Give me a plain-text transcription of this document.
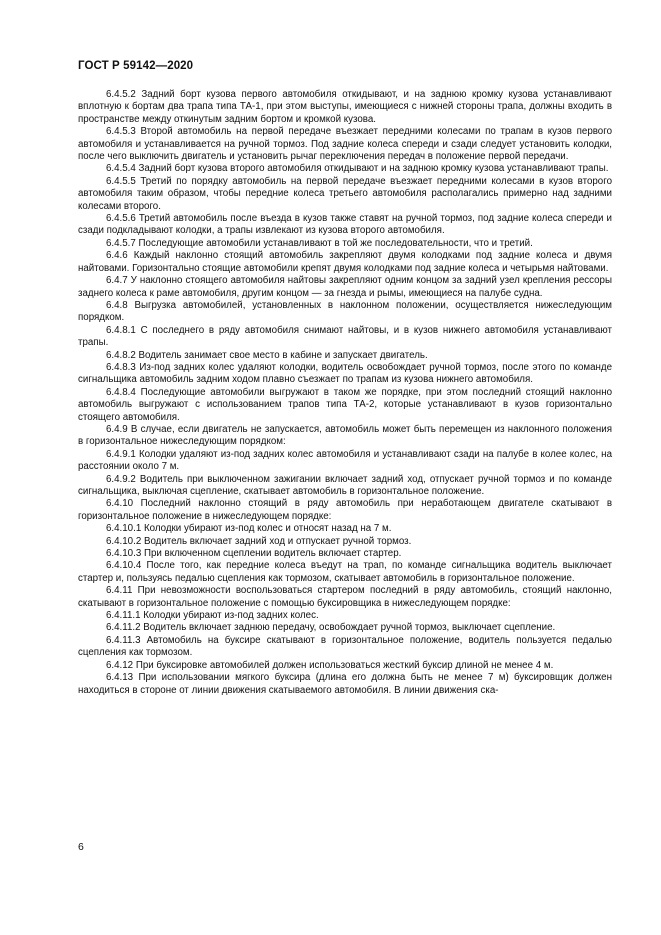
ГОСТ Р 59142—2020

6.4.5.2 Задний борт кузова первого автомобиля откидывают, и на заднюю кромку кузова устанавливают вплотную к бортам два трапа типа ТА-1, при этом выступы, имеющиеся с нижней стороны трапа, должны входить в пространстве между откинутым задним бортом и кромкой кузова.

6.4.5.3 Второй автомобиль на первой передаче въезжает передними колесами по трапам в кузов первого автомобиля и устанавливается на ручной тормоз. Под задние колеса спереди и сзади следует установить колодки, после чего выключить двигатель и установить рычаг переключения передач в положение первой передачи.

6.4.5.4 Задний борт кузова второго автомобиля откидывают и на заднюю кромку кузова устанавливают трапы.

6.4.5.5 Третий по порядку автомобиль на первой передаче въезжает передними колесами в кузов второго автомобиля таким образом, чтобы передние колеса третьего автомобиля располагались примерно над задними колесами второго.

6.4.5.6 Третий автомобиль после въезда в кузов также ставят на ручной тормоз, под задние колеса спереди и сзади подкладывают колодки, а трапы извлекают из кузова второго автомобиля.

6.4.5.7 Последующие автомобили устанавливают в той же последовательности, что и третий.

6.4.6 Каждый наклонно стоящий автомобиль закрепляют двумя колодками под задние колеса и двумя найтовами. Горизонтально стоящие автомобили крепят двумя колодками под задние колеса и четырьмя найтовами.

6.4.7 У наклонно стоящего автомобиля найтовы закрепляют одним концом за задний узел крепления рессоры заднего колеса к раме автомобиля, другим концом — за гнезда и рымы, имеющиеся на палубе судна.

6.4.8 Выгрузка автомобилей, установленных в наклонном положении, осуществляется нижеследующим порядком.

6.4.8.1 С последнего в ряду автомобиля снимают найтовы, и в кузов нижнего автомобиля устанавливают трапы.

6.4.8.2 Водитель занимает свое место в кабине и запускает двигатель.

6.4.8.3 Из-под задних колес удаляют колодки, водитель освобождает ручной тормоз, после этого по команде сигнальщика автомобиль задним ходом плавно съезжает по трапам из кузова нижнего автомобиля.

6.4.8.4 Последующие автомобили выгружают в таком же порядке, при этом последний стоящий наклонно автомобиль выгружают с использованием трапов типа ТА-2, которые устанавливают в кузов горизонтально стоящего автомобиля.

6.4.9 В случае, если двигатель не запускается, автомобиль может быть перемещен из наклонного положения в горизонтальное нижеследующим порядком:

6.4.9.1 Колодки удаляют из-под задних колес автомобиля и устанавливают сзади на палубе в колее колес, на расстоянии около 7 м.

6.4.9.2 Водитель при выключенном зажигании включает задний ход, отпускает ручной тормоз и по команде сигнальщика, выключая сцепление, скатывает автомобиль в горизонтальное положение.

6.4.10 Последний наклонно стоящий в ряду автомобиль при неработающем двигателе скатывают в горизонтальное положение в нижеследующем порядке:

6.4.10.1 Колодки убирают из-под колес и относят назад на 7 м.

6.4.10.2 Водитель включает задний ход и отпускает ручной тормоз.

6.4.10.3 При включенном сцеплении водитель включает стартер.

6.4.10.4 После того, как передние колеса въедут на трап, по команде сигнальщика водитель выключает стартер и, пользуясь педалью сцепления как тормозом, скатывает автомобиль в горизонтальное положение.

6.4.11 При невозможности воспользоваться стартером последний в ряду автомобиль, стоящий наклонно, скатывают в горизонтальное положение с помощью буксировщика в нижеследующем порядке:

6.4.11.1 Колодки убирают из-под задних колес.

6.4.11.2 Водитель включает заднюю передачу, освобождает ручной тормоз, выключает сцепление.

6.4.11.3 Автомобиль на буксире скатывают в горизонтальное положение, водитель пользуется педалью сцепления как тормозом.

6.4.12 При буксировке автомобилей должен использоваться жесткий буксир длиной не менее 4 м.

6.4.13 При использовании мягкого буксира (длина его должна быть не менее 7 м) буксировщик должен находиться в стороне от линии движения скатываемого автомобиля. В линии движения ска-

6
